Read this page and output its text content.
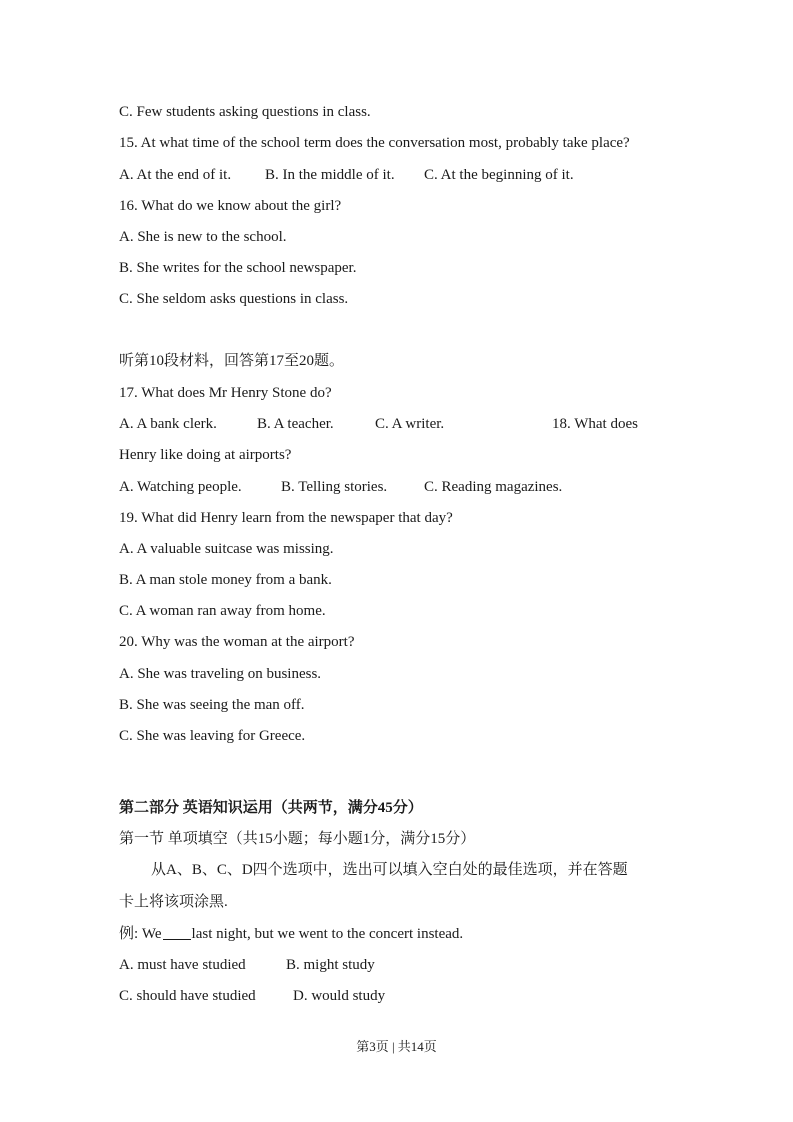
C. Few students asking questions in class.

15. At what time of the school term does the conversation most, probably take place?

A. At the end of it. B. In the middle of it. C. At the beginning of it.

16. What do we know about the girl?

A. She is new to the school.

B. She writes for the school newspaper.

C. She seldom asks questions in class.

听第10段材料，回答第17至20题。

17. What does Mr Henry Stone do?

A. A bank clerk.	B. A teacher.	C. A writer.	18. What does

Henry like doing at airports?

A. Watching people.	B. Telling stories. C. Reading magazines.

19. What did Henry learn from the newspaper that day?

A. A valuable suitcase was missing.

B. A man stole money from a bank.

C. A woman ran away from home.

20. Why was the woman at the airport?

A. She was traveling on business.

B. She was seeing the man off.

C. She was leaving for Greece.

第二部分 英语知识运用（共两节，满分45分）

第一节 单项填空（共15小题；每小题1分，满分15分）

从A、B、C、D四个选项中，选出可以填入空白处的最佳选项，并在答题

卡上将该项涂黑.

例: We last night, but we went to the concert instead.

A. must have studied	B. might study
C. should have studied D. would study
第3页 | 共14页
